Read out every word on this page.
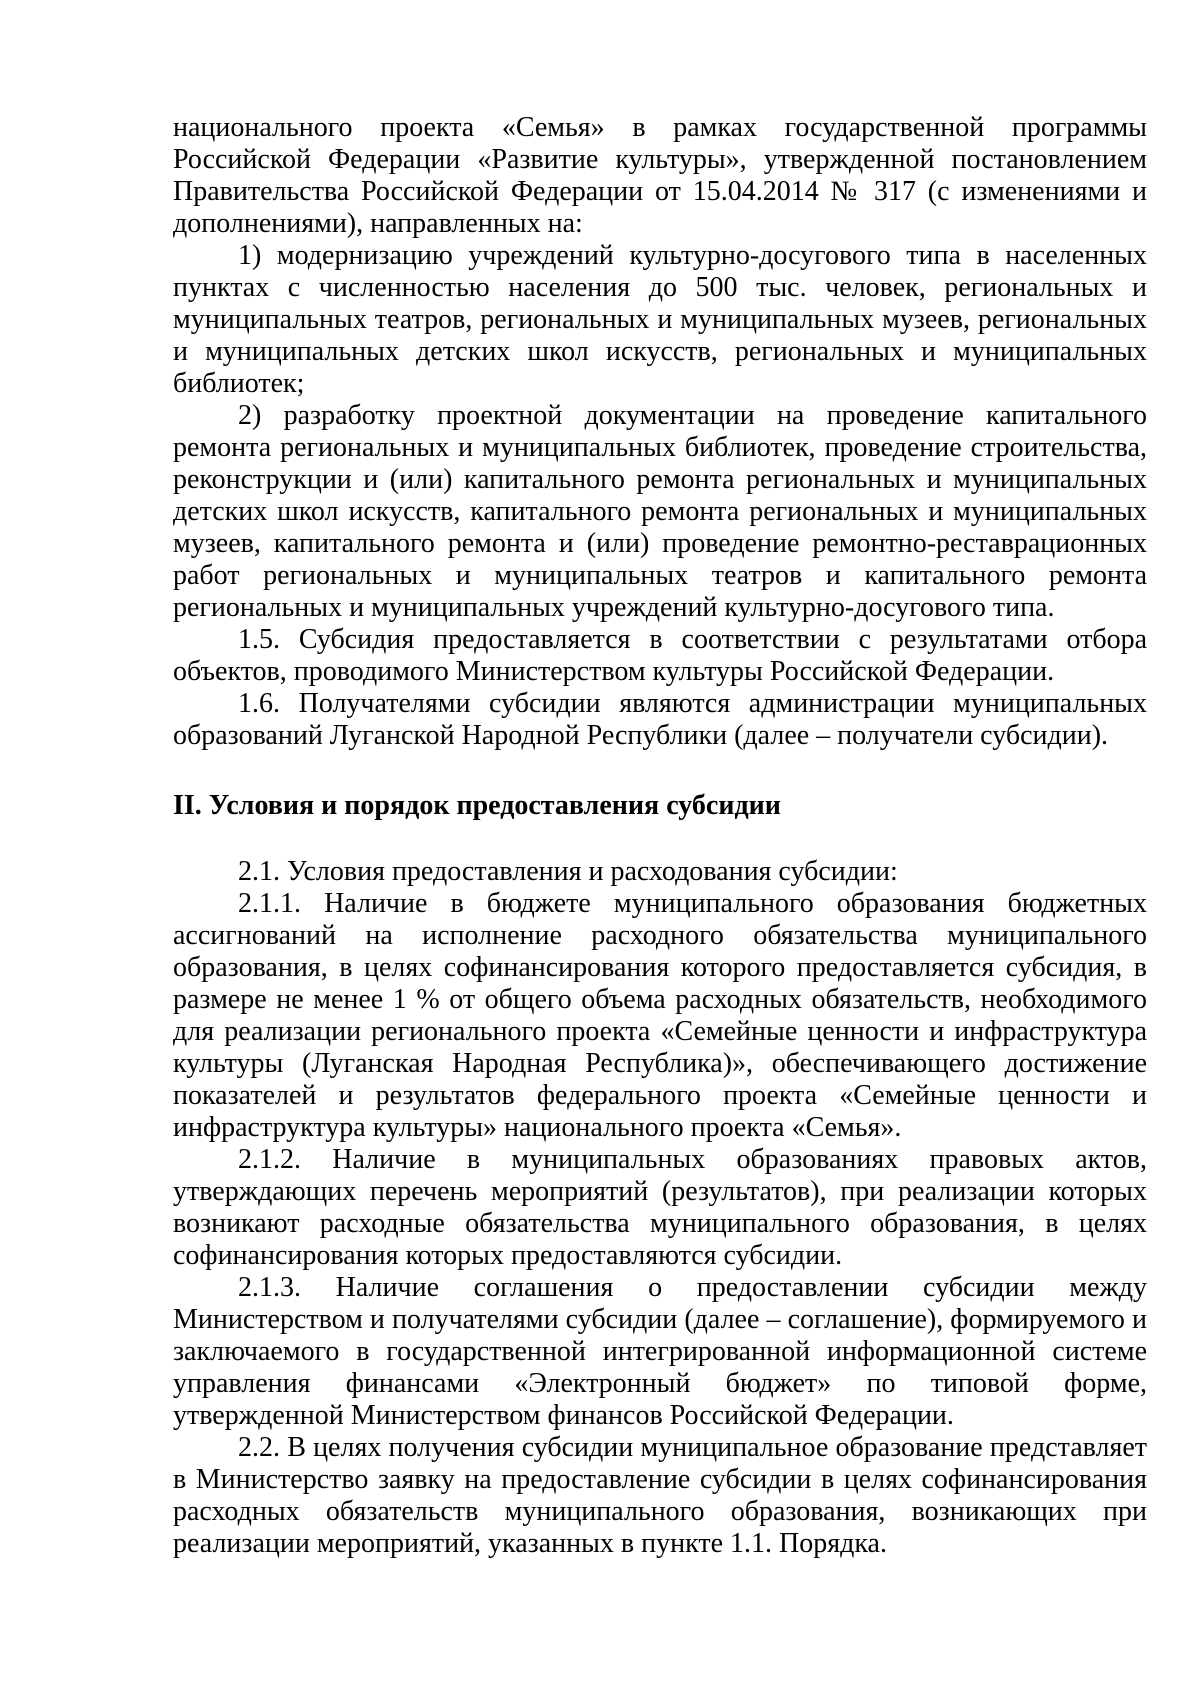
национального проекта «Семья» в рамках государственной программы Российской Федерации «Развитие культуры», утвержденной постановлением Правительства Российской Федерации от 15.04.2014 № 317 (с изменениями и дополнениями), направленных на:

1) модернизацию учреждений культурно-досугового типа в населенных пунктах с численностью населения до 500 тыс. человек, региональных и муниципальных театров, региональных и муниципальных музеев, региональных и муниципальных детских школ искусств, региональных и муниципальных библиотек;

2) разработку проектной документации на проведение капитального ремонта региональных и муниципальных библиотек, проведение строительства, реконструкции и (или) капитального ремонта региональных и муниципальных детских школ искусств, капитального ремонта региональных и муниципальных музеев, капитального ремонта и (или) проведение ремонтно-реставрационных работ региональных и муниципальных театров и капитального ремонта региональных и муниципальных учреждений культурно-досугового типа.

1.5. Субсидия предоставляется в соответствии с результатами отбора объектов, проводимого Министерством культуры Российской Федерации.

1.6. Получателями субсидии являются администрации муниципальных образований Луганской Народной Республики (далее – получатели субсидии).

II. Условия и порядок предоставления субсидии

2.1. Условия предоставления и расходования субсидии:

2.1.1. Наличие в бюджете муниципального образования бюджетных ассигнований на исполнение расходного обязательства муниципального образования, в целях софинансирования которого предоставляется субсидия, в размере не менее 1 % от общего объема расходных обязательств, необходимого для реализации регионального проекта «Семейные ценности и инфраструктура культуры (Луганская Народная Республика)», обеспечивающего достижение показателей и результатов федерального проекта «Семейные ценности и инфраструктура культуры» национального проекта «Семья».

2.1.2. Наличие в муниципальных образованиях правовых актов, утверждающих перечень мероприятий (результатов), при реализации которых возникают расходные обязательства муниципального образования, в целях софинансирования которых предоставляются субсидии.

2.1.3. Наличие соглашения о предоставлении субсидии между Министерством и получателями субсидии (далее – соглашение), формируемого и заключаемого в государственной интегрированной информационной системе управления финансами «Электронный бюджет» по типовой форме, утвержденной Министерством финансов Российской Федерации.

2.2. В целях получения субсидии муниципальное образование представляет в Министерство заявку на предоставление субсидии в целях софинансирования расходных обязательств муниципального образования, возникающих при реализации мероприятий, указанных в пункте 1.1. Порядка.
